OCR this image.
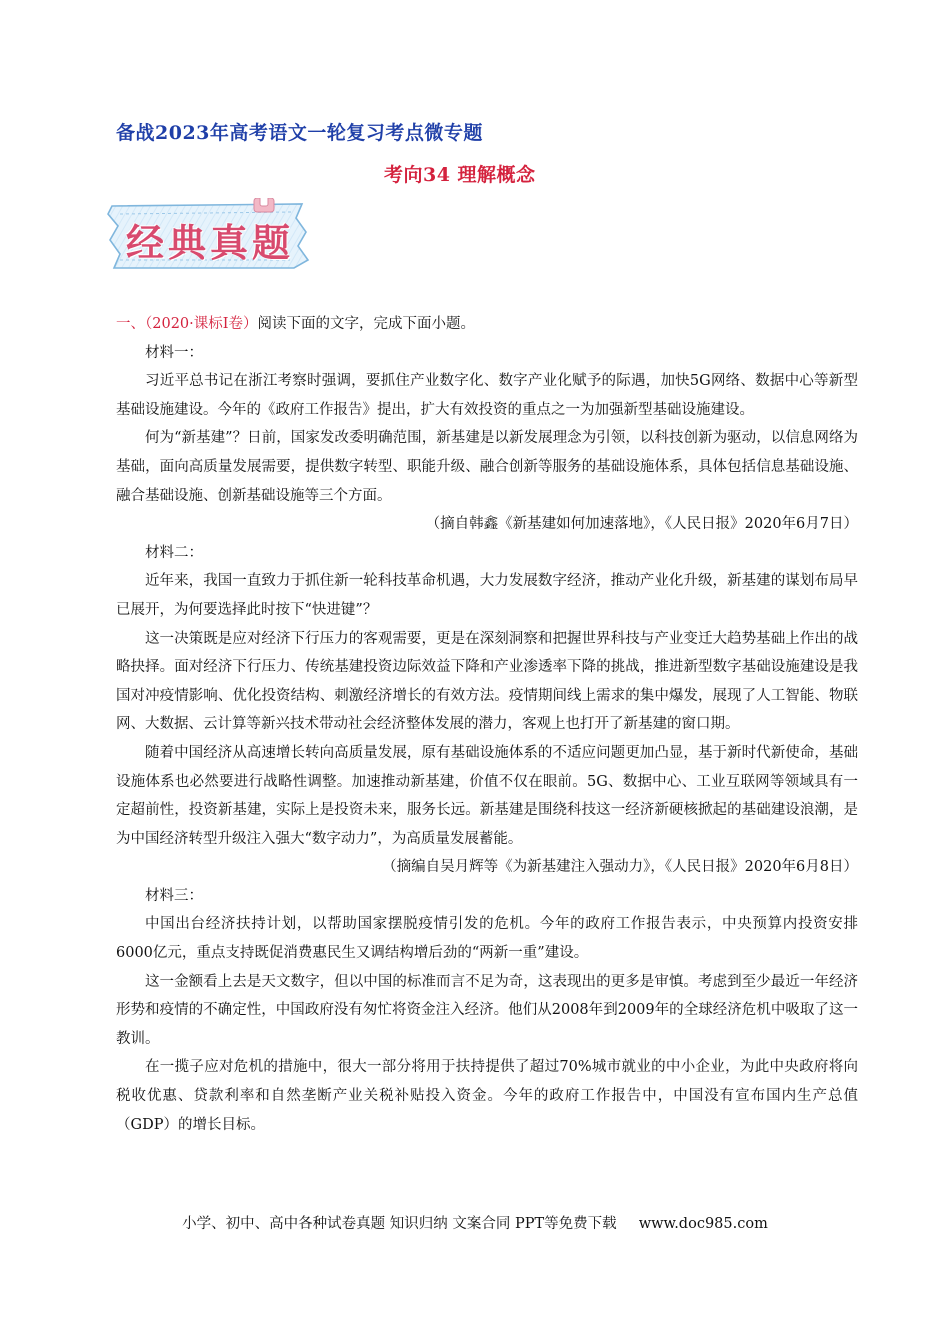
备战2023年高考语文一轮复习考点微专题
考向34 理解概念
经典真题
一、（2020·课标Ⅰ卷）阅读下面的文字，完成下面小题。

材料一：

习近平总书记在浙江考察时强调，要抓住产业数字化、数字产业化赋予的际遇，加快5G网络、数据中心等新型基础设施建设。今年的《政府工作报告》提出，扩大有效投资的重点之一为加强新型基础设施建设。

何为“新基建”？日前，国家发改委明确范围，新基建是以新发展理念为引领，以科技创新为驱动，以信息网络为基础，面向高质量发展需要，提供数字转型、职能升级、融合创新等服务的基础设施体系，具体包括信息基础设施、融合基础设施、创新基础设施等三个方面。

（摘自韩鑫《新基建如何加速落地》，《人民日报》2020年6月7日）

材料二：

近年来，我国一直致力于抓住新一轮科技革命机遇，大力发展数字经济，推动产业化升级，新基建的谋划布局早已展开，为何要选择此时按下“快进键”？

这一决策既是应对经济下行压力的客观需要，更是在深刻洞察和把握世界科技与产业变迁大趋势基础上作出的战略抉择。面对经济下行压力、传统基建投资边际效益下降和产业渗透率下降的挑战，推进新型数字基础设施建设是我国对冲疫情影响、优化投资结构、刺激经济增长的有效方法。疫情期间线上需求的集中爆发，展现了人工智能、物联网、大数据、云计算等新兴技术带动社会经济整体发展的潜力，客观上也打开了新基建的窗口期。

随着中国经济从高速增长转向高质量发展，原有基础设施体系的不适应问题更加凸显，基于新时代新使命，基础设施体系也必然要进行战略性调整。加速推动新基建，价值不仅在眼前。5G、数据中心、工业互联网等领域具有一定超前性，投资新基建，实际上是投资未来，服务长远。新基建是围绕科技这一经济新硬核掀起的基础建设浪潮，是为中国经济转型升级注入强大“数字动力”，为高质量发展蓄能。

（摘编自吴月辉等《为新基建注入强动力》，《人民日报》2020年6月8日）

材料三：

中国出台经济扶持计划，以帮助国家摆脱疫情引发的危机。今年的政府工作报告表示，中央预算内投资安排6000亿元，重点支持既促消费惠民生又调结构增后劲的“两新一重”建设。

这一金额看上去是天文数字，但以中国的标准而言不足为奇，这表现出的更多是审慎。考虑到至少最近一年经济形势和疫情的不确定性，中国政府没有匆忙将资金注入经济。他们从2008年到2009年的全球经济危机中吸取了这一教训。

在一揽子应对危机的措施中，很大一部分将用于扶持提供了超过70%城市就业的中小企业，为此中央政府将向税收优惠、贷款利率和自然垄断产业关税补贴投入资金。今年的政府工作报告中，中国没有宣布国内生产总值（GDP）的增长目标。

小学、初中、高中各种试卷真题 知识归纳 文案合同 PPT等免费下载 www.doc985.com
